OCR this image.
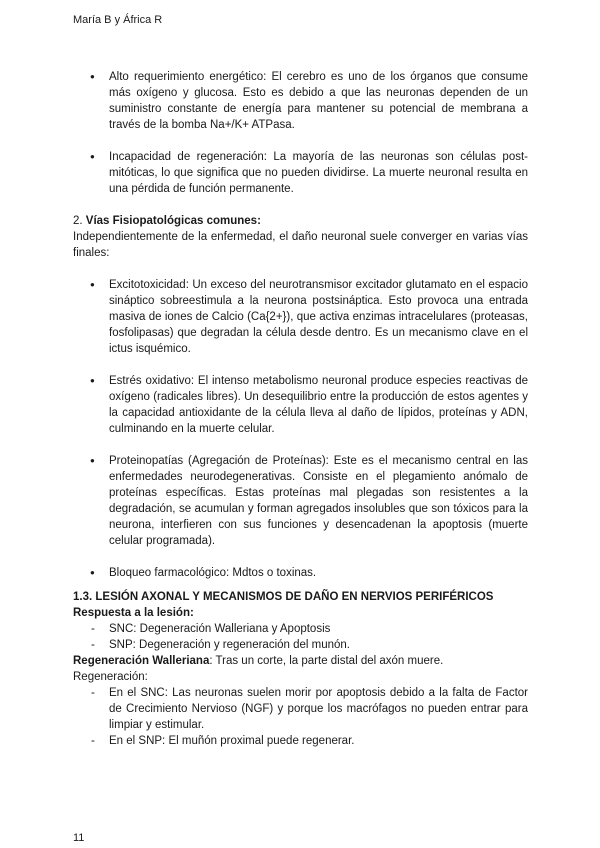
María B y África R
● Alto requerimiento energético: El cerebro es uno de los órganos que consume más oxígeno y glucosa. Esto es debido a que las neuronas dependen de un suministro constante de energía para mantener su potencial de membrana a través de la bomba Na+/K+ ATPasa.
● Incapacidad de regeneración: La mayoría de las neuronas son células post-mitóticas, lo que significa que no pueden dividirse. La muerte neuronal resulta en una pérdida de función permanente.
2. Vías Fisiopatológicas comunes:

Independientemente de la enfermedad, el daño neuronal suele converger en varias vías finales:

● Excitotoxicidad: Un exceso del neurotransmisor excitador glutamato en el espacio sináptico sobreestimula a la neurona postsináptica. Esto provoca una entrada masiva de iones de Calcio (Ca{2+}), que activa enzimas intracelulares (proteasas, fosfolipasas) que degradan la célula desde dentro. Es un mecanismo clave en el ictus isquémico.
● Estrés oxidativo: El intenso metabolismo neuronal produce especies reactivas de oxígeno (radicales libres). Un desequilibrio entre la producción de estos agentes y la capacidad antioxidante de la célula lleva al daño de lípidos, proteínas y ADN, culminando en la muerte celular.
● Proteinopatías (Agregación de Proteínas): Este es el mecanismo central en las enfermedades neurodegenerativas. Consiste en el plegamiento anómalo de proteínas específicas. Estas proteínas mal plegadas son resistentes a la degradación, se acumulan y forman agregados insolubles que son tóxicos para la neurona, interfieren con sus funciones y desencadenan la apoptosis (muerte celular programada).
● Bloqueo farmacológico: Mdtos o toxinas.
1.3. LESIÓN AXONAL Y MECANISMOS DE DAÑO EN NERVIOS PERIFÉRICOS
Respuesta a la lesión:
- SNC: Degeneración Walleriana y Apoptosis
- SNP: Degeneración y regeneración del munón.

Regeneración Walleriana: Tras un corte, la parte distal del axón muere.

Regeneración:
- En el SNC: Las neuronas suelen morir por apoptosis debido a la falta de Factor de Crecimiento Nervioso (NGF) y porque los macrófagos no pueden entrar para limpiar y estimular.
- En el SNP: El muñón proximal puede regenerar.
11
